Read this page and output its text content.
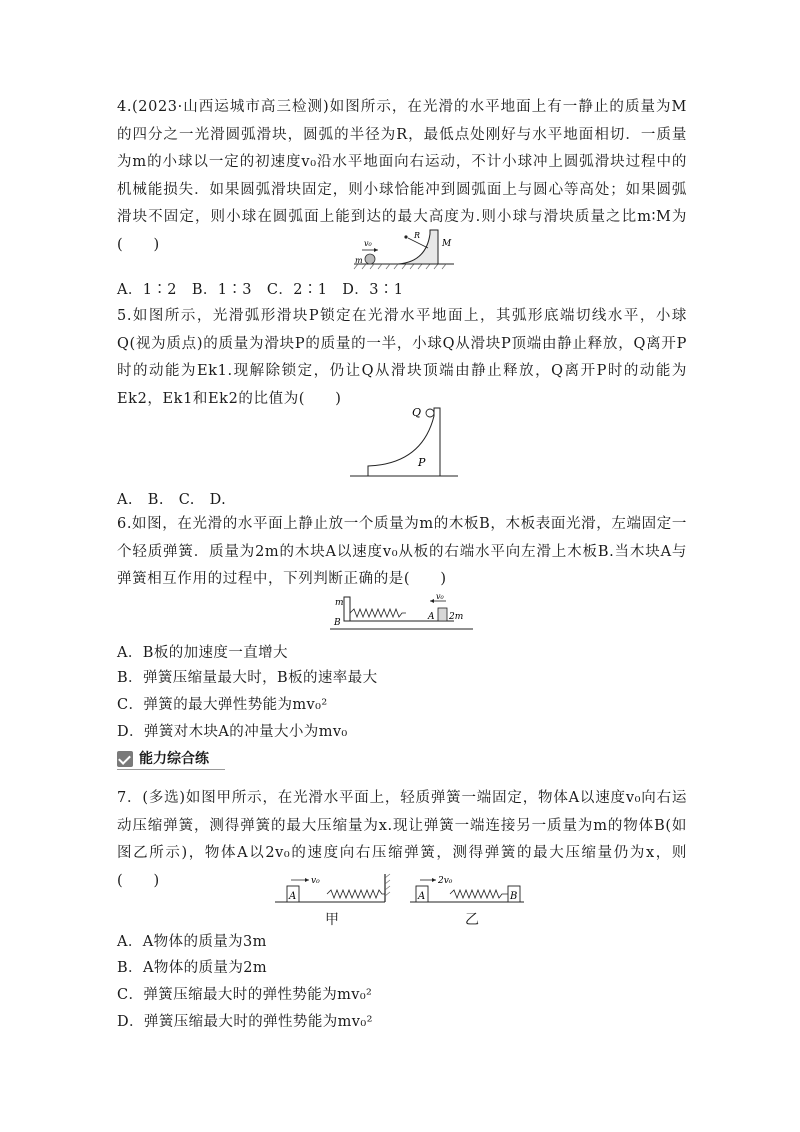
4.(2023·山西运城市高三检测)如图所示，在光滑的水平地面上有一静止的质量为M的四分之一光滑圆弧滑块，圆弧的半径为R，最低点处刚好与水平地面相切．一质量为m的小球以一定的初速度v₀沿水平地面向右运动，不计小球冲上圆弧滑块过程中的机械能损失．如果圆弧滑块固定，则小球恰能冲到圆弧面上与圆心等高处；如果圆弧滑块不固定，则小球在圆弧面上能到达的最大高度为.则小球与滑块质量之比m∶M为(　　)	v₀
R
m
M
A．1∶2　B．1∶3　C．2∶1　D．3∶1
5.如图所示，光滑弧形滑块P锁定在光滑水平地面上，其弧形底端切线水平，小球Q(视为质点)的质量为滑块P的质量的一半，小球Q从滑块P顶端由静止释放，Q离开P时的动能为Ek1.现解除锁定，仍让Q从滑块顶端由静止释放，Q离开P时的动能为Ek2，Ek1和Ek2的比值为(　　)
Q
P
A.　B.　C.　D.
6.如图，在光滑的水平面上静止放一个质量为m的木板B，木板表面光滑，左端固定一个轻质弹簧．质量为2m的木块A以速度v₀从板的右端水平向左滑上木板B.当木块A与弹簧相互作用的过程中，下列判断正确的是(　　)
m
B
v₀
A 2m
A．B板的加速度一直增大
B．弹簧压缩量最大时，B板的速率最大
C．弹簧的最大弹性势能为mv₀²
D．弹簧对木块A的冲量大小为mv₀
能力综合练
7．(多选)如图甲所示，在光滑水平面上，轻质弹簧一端固定，物体A以速度v₀向右运动压缩弹簧，测得弹簧的最大压缩量为x.现让弹簧一端连接另一质量为m的物体B(如图乙所示)，物体A以2v₀的速度向右压缩弹簧，测得弹簧的最大压缩量仍为x，则(　　)
A
v₀
甲
A	B
2v₀
乙
A．A物体的质量为3m
B．A物体的质量为2m
C．弹簧压缩最大时的弹性势能为mv₀²
D．弹簧压缩最大时的弹性势能为mv₀²
